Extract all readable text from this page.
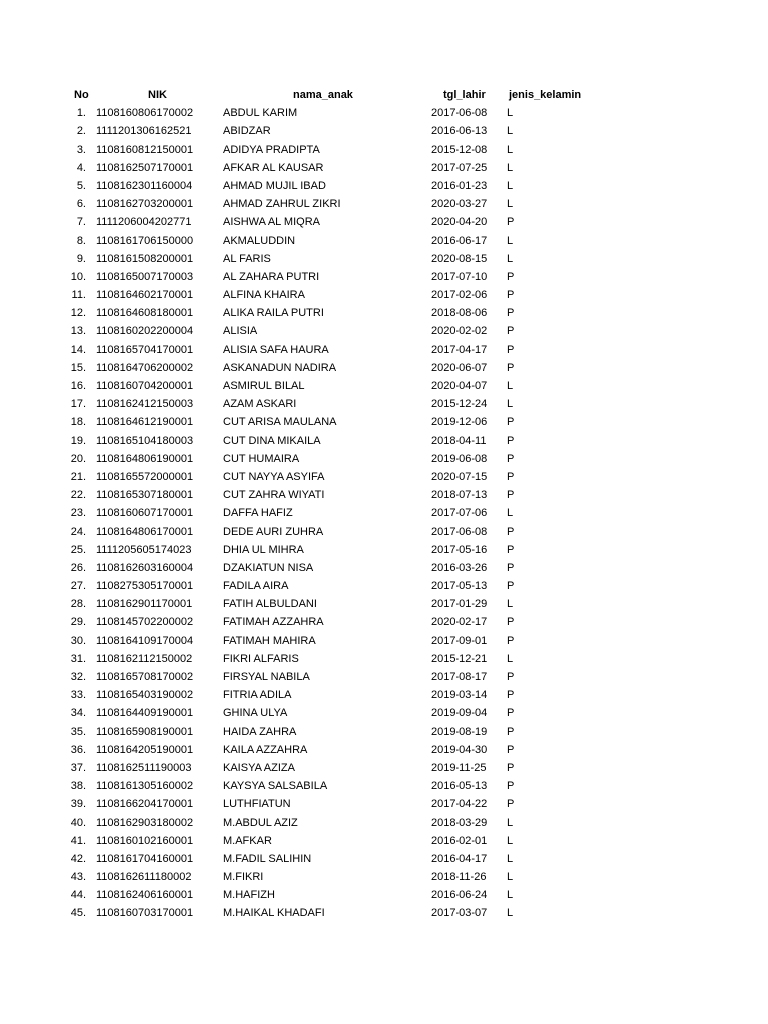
No	NIK	nama_anak	tgl_lahir jenis_kelamin
1. 1108160806170002	ABDUL KARIM	2017-06-08 L
2. 1111201306162521	ABIDZAR	2016-06-13 L
3. 1108160812150001	ADIDYA PRADIPTA	2015-12-08 L
4. 1108162507170001	AFKAR AL KAUSAR	2017-07-25 L
5. 1108162301160004	AHMAD MUJIL IBAD	2016-01-23 L
6. 1108162703200001	AHMAD ZAHRUL ZIKRI	2020-03-27 L
7. 1111206004202771	AISHWA AL MIQRA	2020-04-20 P
8. 1108161706150000	AKMALUDDIN	2016-06-17 L
9. 1108161508200001	AL FARIS	2020-08-15 L
10. 1108165007170003	AL ZAHARA PUTRI	2017-07-10 P
11. 1108164602170001	ALFINA KHAIRA	2017-02-06 P
12. 1108164608180001	ALIKA RAILA PUTRI	2018-08-06 P
13. 1108160202200004	ALISIA	2020-02-02 P
14. 1108165704170001	ALISIA SAFA HAURA	2017-04-17 P
15. 1108164706200002	ASKANADUN NADIRA	2020-06-07 P
16. 1108160704200001	ASMIRUL BILAL	2020-04-07 L
17. 1108162412150003	AZAM ASKARI	2015-12-24 L
18. 1108164612190001	CUT ARISA MAULANA	2019-12-06 P
19. 1108165104180003	CUT DINA MIKAILA	2018-04-11 P
20. 1108164806190001	CUT HUMAIRA	2019-06-08 P
21. 1108165572000001	CUT NAYYA ASYIFA	2020-07-15 P
22. 1108165307180001	CUT ZAHRA WIYATI	2018-07-13 P
23. 1108160607170001	DAFFA HAFIZ	2017-07-06 L
24. 1108164806170001	DEDE AURI ZUHRA	2017-06-08 P
25. 1111205605174023	DHIA UL MIHRA	2017-05-16 P
26. 1108162603160004	DZAKIATUN NISA	2016-03-26 P
27. 1108275305170001	FADILA AIRA	2017-05-13 P
28. 1108162901170001	FATIH ALBULDANI	2017-01-29 L
29. 1108145702200002	FATIMAH AZZAHRA	2020-02-17 P
30. 1108164109170004	FATIMAH MAHIRA	2017-09-01 P
31. 1108162112150002	FIKRI ALFARIS	2015-12-21 L
32. 1108165708170002	FIRSYAL NABILA	2017-08-17 P
33. 1108165403190002	FITRIA ADILA	2019-03-14 P
34. 1108164409190001	GHINA ULYA	2019-09-04 P
35. 1108165908190001	HAIDA ZAHRA	2019-08-19 P
36. 1108164205190001	KAILA AZZAHRA	2019-04-30 P
37. 1108162511190003	KAISYA AZIZA	2019-11-25 P
38. 1108161305160002	KAYSYA SALSABILA	2016-05-13 P
39. 1108166204170001	LUTHFIATUN	2017-04-22 P
40. 1108162903180002	M.ABDUL AZIZ	2018-03-29 L
41. 1108160102160001	M.AFKAR	2016-02-01 L
42. 1108161704160001	M.FADIL SALIHIN	2016-04-17 L
43. 1108162611180002	M.FIKRI	2018-11-26 L
44. 1108162406160001	M.HAFIZH	2016-06-24 L
45. 1108160703170001	M.HAIKAL KHADAFI	2017-03-07 L
